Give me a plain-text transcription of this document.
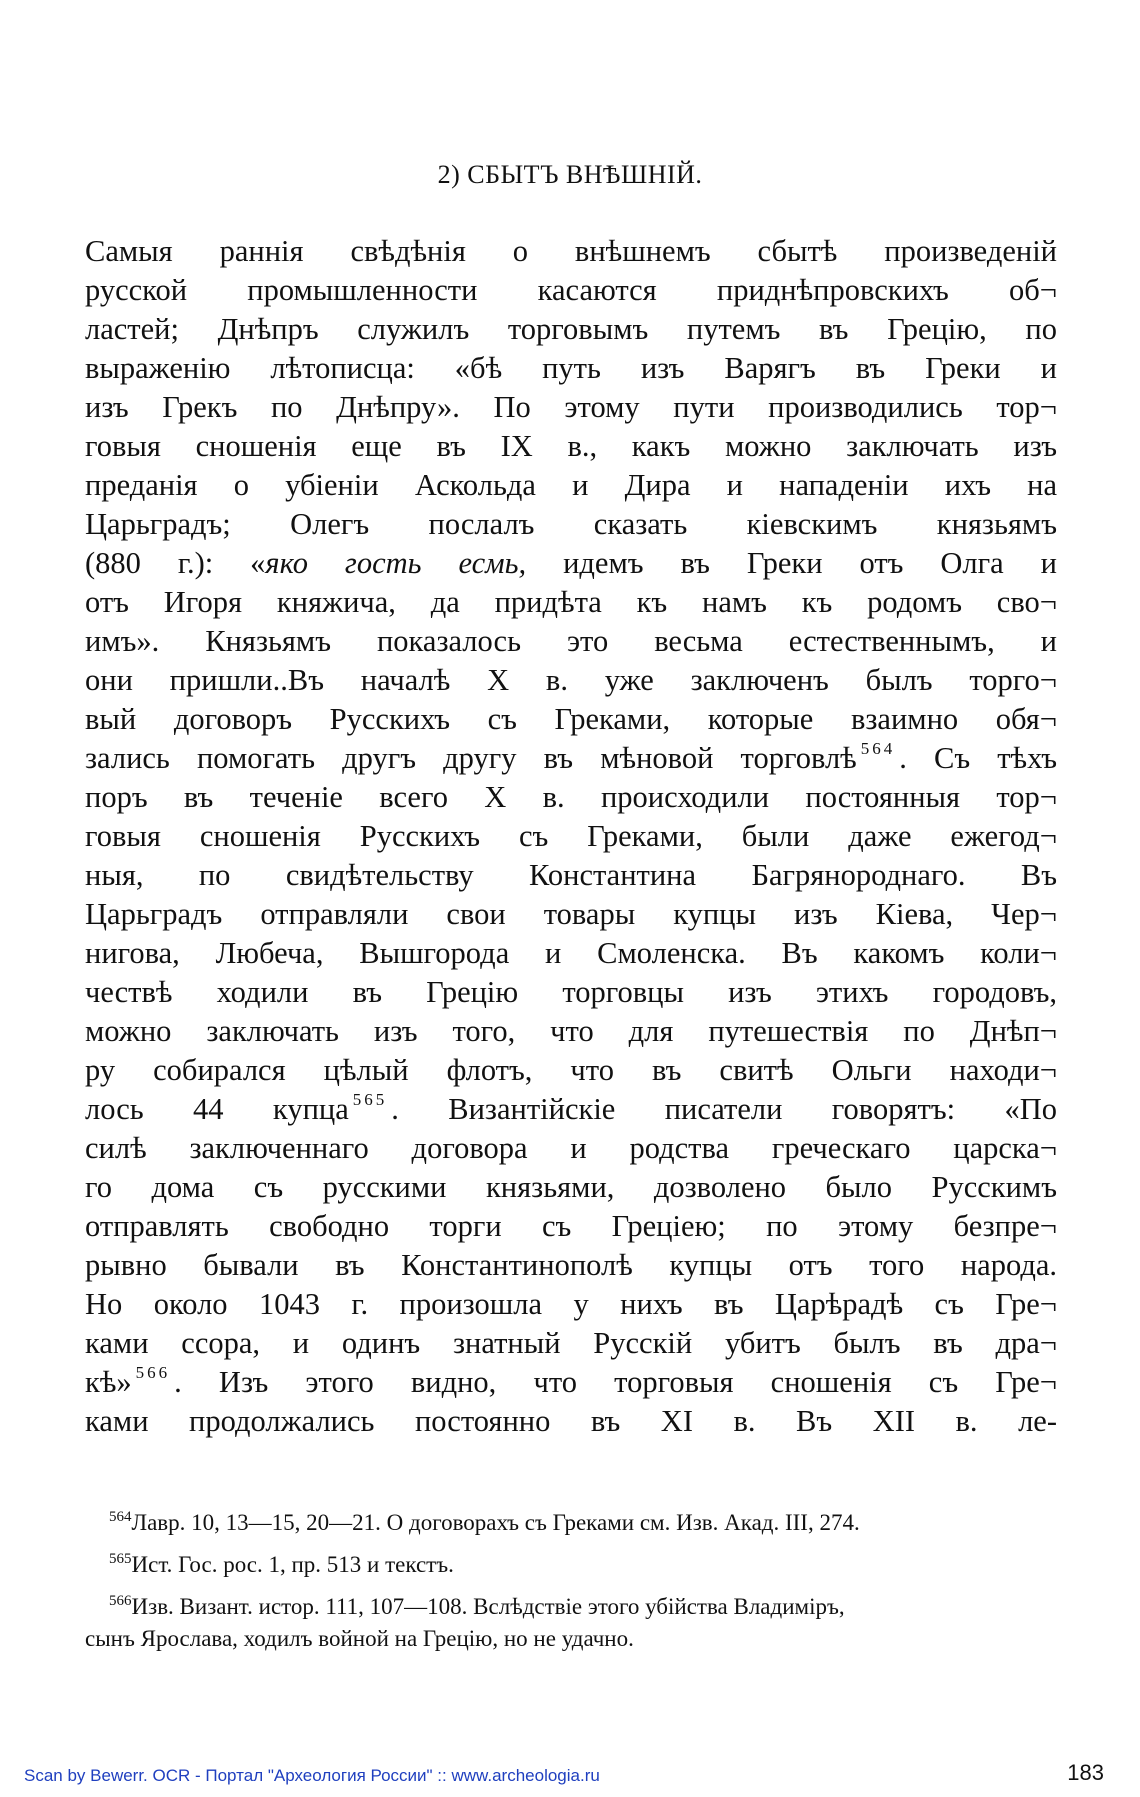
2) СБЫТЪ ВНѢШНІЙ.
Самыя раннія свѣдѣнія о внѣшнемъ сбытѣ произведеній
русской промышленности касаются приднѣпровскихъ об¬
ластей; Днѣпръ служилъ торговымъ путемъ въ Грецію, по
выраженію лѣтописца: «бѣ путь изъ Варягъ въ Греки и
изъ Грекъ по Днѣпру». По этому пути производились тор¬
говыя сношенія еще въ IX в., какъ можно заключать изъ
преданія о убіеніи Аскольда и Дира и нападеніи ихъ на
Царьградъ; Олегъ послалъ сказать кіевскимъ князьямъ
(880 г.): «яко гость есмь, идемъ въ Греки отъ Олга и
отъ Игоря княжича, да придѣта къ намъ къ родомъ сво¬
имъ». Князьямъ показалось это весьма естественнымъ, и
они пришли..Въ началѣ X в. уже заключенъ былъ торго¬
вый договоръ Русскихъ съ Греками, которые взаимно обя¬
зались помогать другъ другу въ мѣновой торговлѣ $^{564}$ . Съ тѣхъ
поръ въ теченіе всего X в. происходили постоянныя тор¬
говыя сношенія Русскихъ съ Греками, были даже ежегод¬
ныя, по свидѣтельству Константина Багрянороднаго. Въ
Царьградъ отправляли свои товары купцы изъ Кіева, Чер¬
нигова, Любеча, Вышгорода и Смоленска. Въ какомъ коли¬
чествѣ ходили въ Грецію торговцы изъ этихъ городовъ,
можно заключать изъ того, что для путешествія по Днѣп¬
ру собирался цѣлый флотъ, что въ свитѣ Ольги находи¬
лось 44 купца $^{565}$ . Византійскіе писатели говорятъ: «По
силѣ заключеннаго договора и родства греческаго царска¬
го дома съ русскими князьями, дозволено было Русскимъ
отправлять свободно торги съ Греціею; по этому безпре¬
рывно бывали въ Константинополѣ купцы отъ того народа.
Но около 1043 г. произошла у нихъ въ Царѣрадѣ съ Гре¬
ками ссора, и одинъ знатный Русскій убитъ былъ въ дра¬
кѣ» $^{566}$ . Изъ этого видно, что торговыя сношенія съ Гре¬
ками продолжались постоянно въ XI в. Въ XII в. ле-
$^{564}$Лавр. 10, 13—15, 20—21. О договорахъ съ Греками см. Изв. Акад. III, 274.
$^{565}$Ист. Гос. рос. 1, пр. 513 и текстъ.
$^{566}$Изв. Визант. истор. 111, 107—108. Вслѣдствіе этого убійства Владиміръ,
сынъ Ярослава, ходилъ войной на Грецію, но не удачно.
Scan by Bewerr. OCR - Портал "Археология России" :: www.archeologia.ru	183
